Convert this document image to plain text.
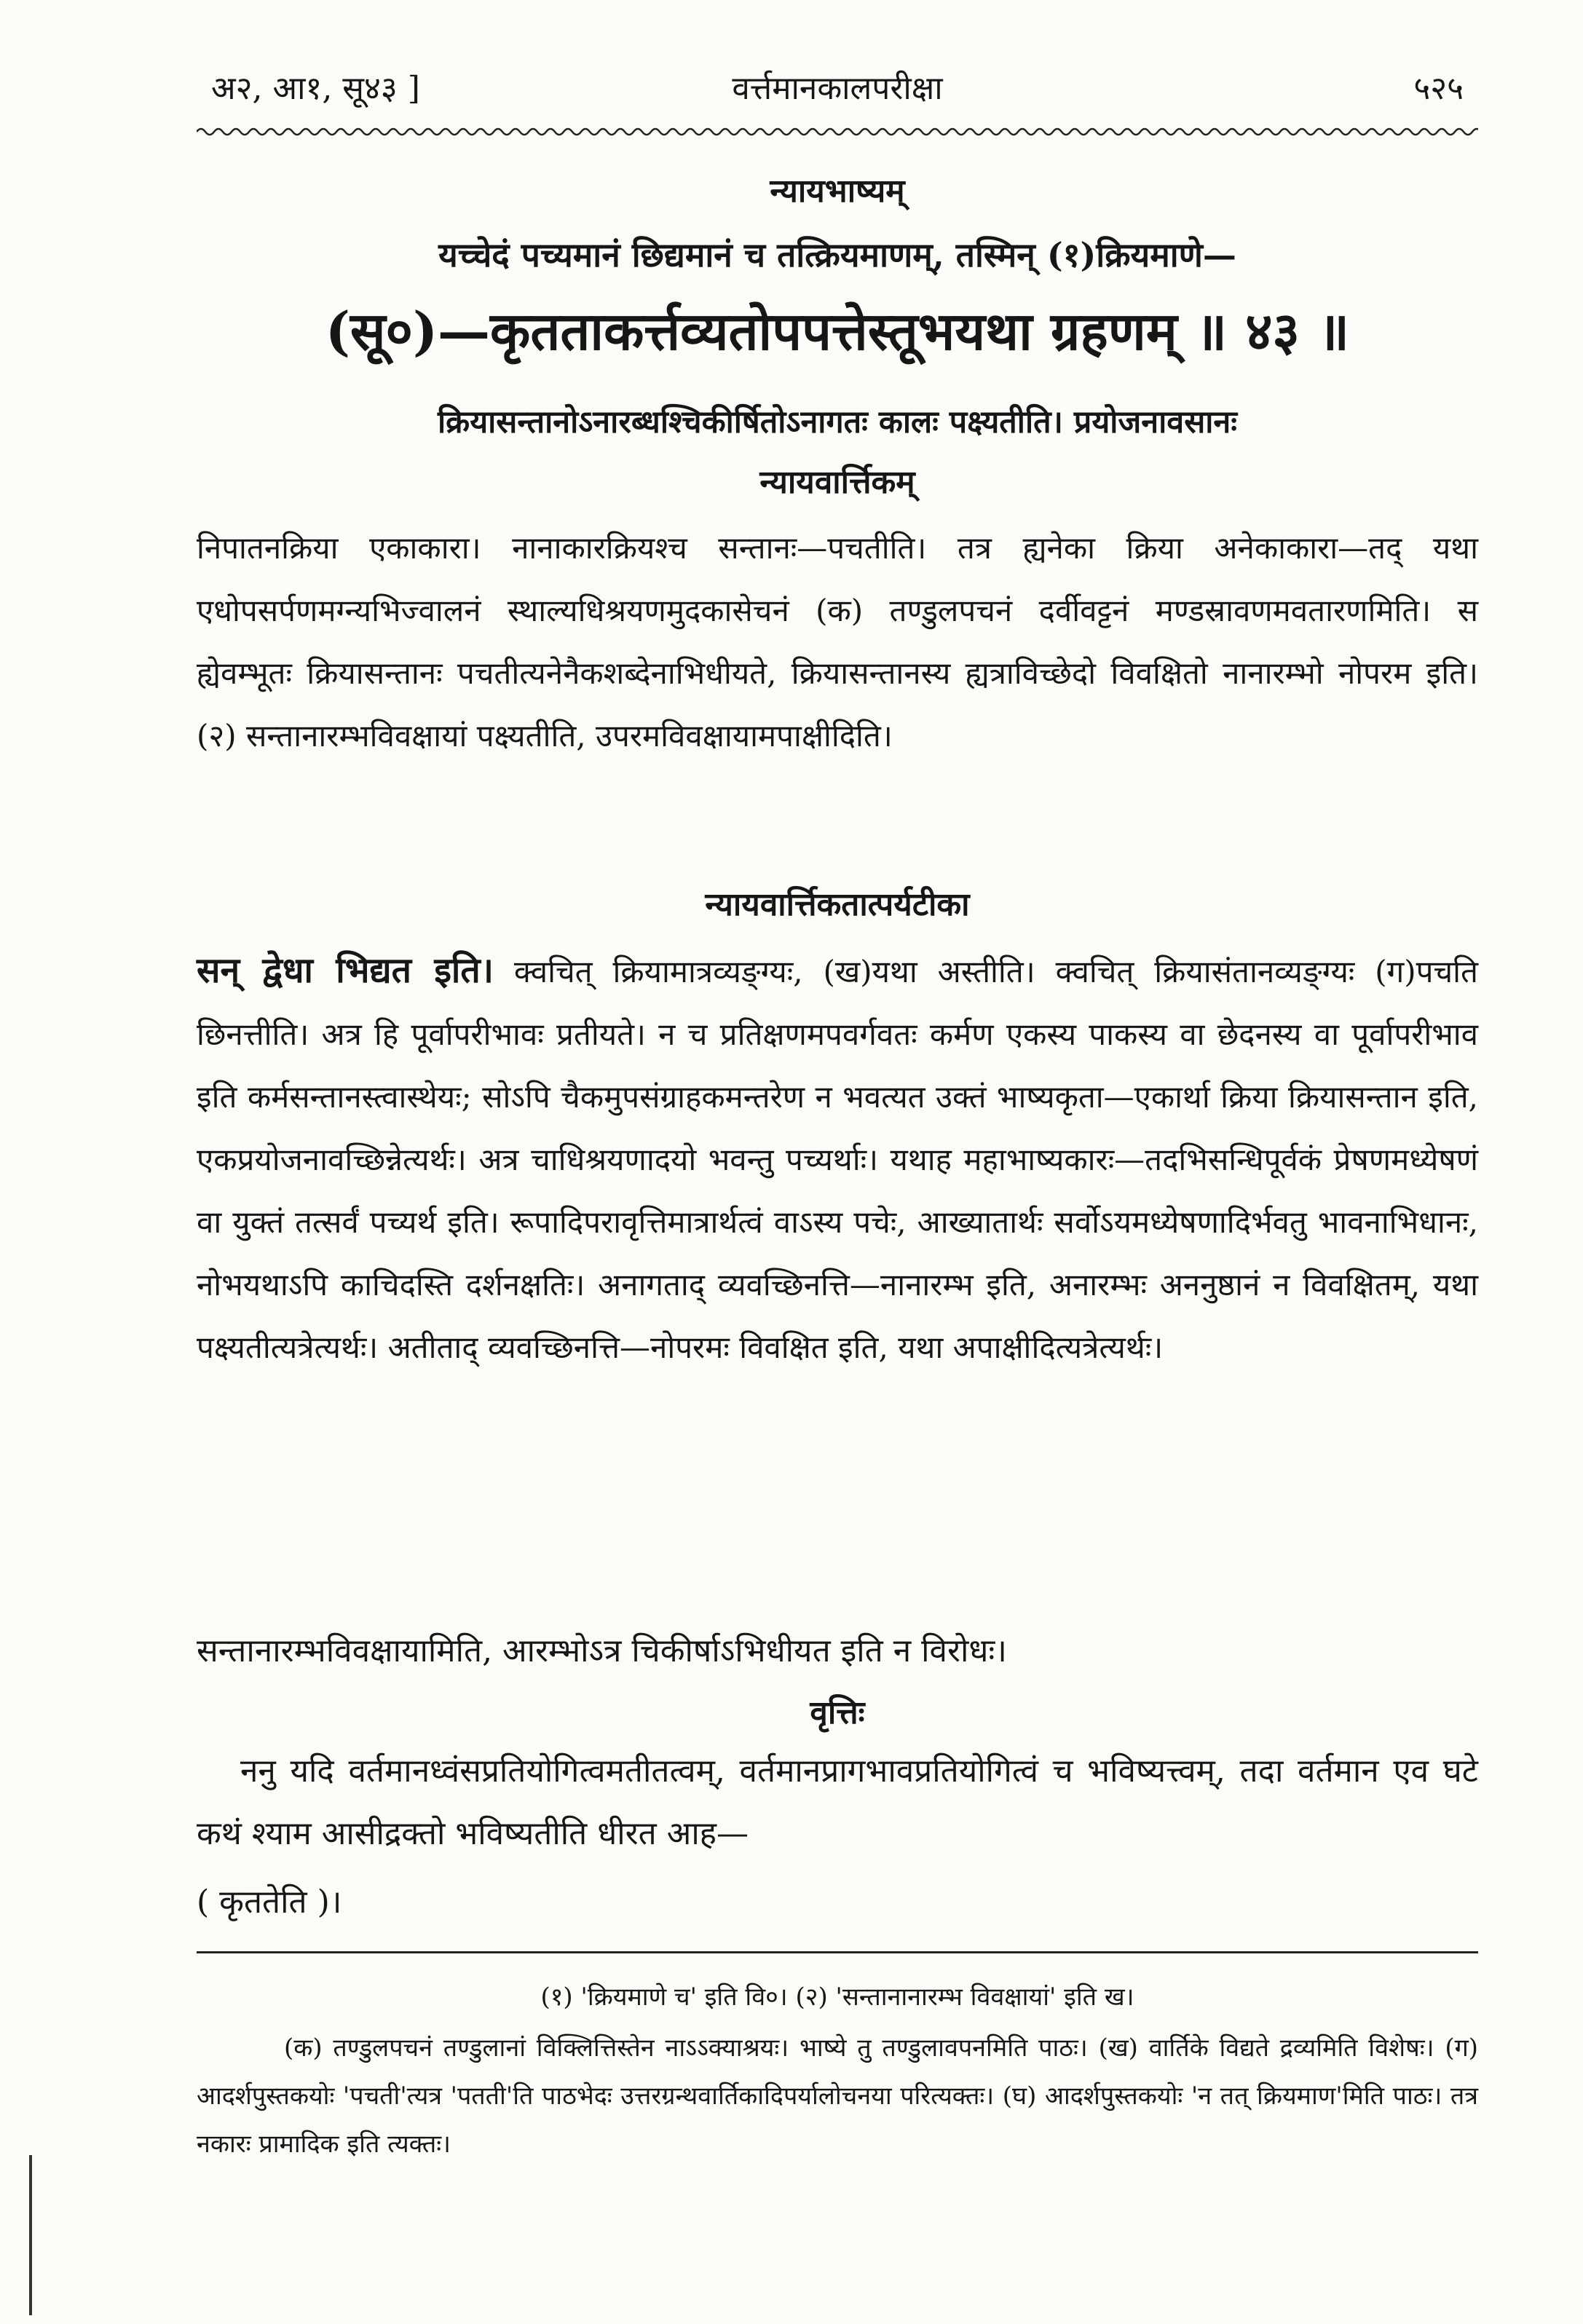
अ२, आ१, सू४३ ]	वर्त्तमानकालपरीक्षा	५२५
न्यायभाष्यम्
यच्चेदं पच्यमानं छिद्यमानं च तत्क्रियमाणम्, तस्मिन् (१)क्रियमाणे—
(सू०)—कृतताकर्त्तव्यतोपपत्तेस्तूभयथा ग्रहणम् ॥ ४३ ॥
क्रियासन्तानोऽनारब्धश्चिकीर्षितोऽनागतः कालः पक्ष्यतीति। प्रयोजनावसानः
न्यायवार्त्तिकम्
निपातनक्रिया एकाकारा। नानाकारक्रियश्च सन्तानः—पचतीति। तत्र ह्यनेका क्रिया अनेकाकारा—तद् यथा एधोपसर्पणमग्न्यभिज्वालनं स्थाल्यधिश्रयणमुदकासेचनं (क) तण्डुलपचनं दर्वीवट्टनं मण्डस्रावणमवतारणमिति। स ह्येवम्भूतः क्रियासन्तानः पचतीत्यनेनैकशब्देनाभिधीयते, क्रियासन्तानस्य ह्यत्राविच्छेदो विवक्षितो नानारम्भो नोपरम इति। (२) सन्तानारम्भविवक्षायां पक्ष्यतीति, उपरमविवक्षायामपाक्षीदिति।
न्यायवार्त्तिकतात्पर्यटीका
सन् द्वेधा भिद्यत इति। क्वचित् क्रियामात्रव्यङ्ग्यः, (ख)यथा अस्तीति। क्वचित् क्रियासंतानव्यङ्ग्यः (ग)पचति छिनत्तीति। अत्र हि पूर्वापरीभावः प्रतीयते। न च प्रतिक्षणमपवर्गवतः कर्मण एकस्य पाकस्य वा छेदनस्य वा पूर्वापरीभाव इति कर्मसन्तानस्त्वास्थेयः; सोऽपि चैकमुपसंग्राहकमन्तरेण न भवत्यत उक्तं भाष्यकृता—एकार्था क्रिया क्रियासन्तान इति, एकप्रयोजनावच्छिन्नेत्यर्थः। अत्र चाधिश्रयणादयो भवन्तु पच्यर्थाः। यथाह महाभाष्यकारः—तदभिसन्धिपूर्वकं प्रेषणमध्येषणं वा युक्तं तत्सर्वं पच्यर्थ इति। रूपादिपरावृत्तिमात्रार्थत्वं वाऽस्य पचेः, आख्यातार्थः सर्वोऽयमध्येषणादिर्भवतु भावनाभिधानः, नोभयथाऽपि काचिदस्ति दर्शनक्षतिः। अनागताद् व्यवच्छिनत्ति—नानारम्भ इति, अनारम्भः अननुष्ठानं न विवक्षितम्, यथा पक्ष्यतीत्यत्रेत्यर्थः। अतीताद् व्यवच्छिनत्ति—नोपरमः विवक्षित इति, यथा अपाक्षीदित्यत्रेत्यर्थः।
सन्तानारम्भविवक्षायामिति, आरम्भोऽत्र चिकीर्षाऽभिधीयत इति न विरोधः।
वृत्तिः
ननु यदि वर्तमानध्वंसप्रतियोगित्वमतीतत्वम्, वर्तमानप्रागभावप्रतियोगित्वं च भविष्यत्त्वम्, तदा वर्तमान एव घटे कथं श्याम आसीद्रक्तो भविष्यतीति धीरत आह—
( कृततेति )।
(१) 'क्रियमाणे च' इति वि०। (२) 'सन्तानानारम्भ विवक्षायां' इति ख।
(क) तण्डुलपचनं तण्डुलानां विक्लित्तिस्तेन नाऽऽक्याश्रयः। भाष्ये तु तण्डुलावपनमिति पाठः। (ख) वार्तिके विद्यते द्रव्यमिति विशेषः। (ग) आदर्शपुस्तकयोः 'पचती'त्यत्र 'पतती'ति पाठभेदः उत्तरग्रन्थवार्तिकादिपर्यालोचनया परित्यक्तः। (घ) आदर्शपुस्तकयोः 'न तत् क्रियमाण'मिति पाठः। तत्र नकारः प्रामादिक इति त्यक्तः।
